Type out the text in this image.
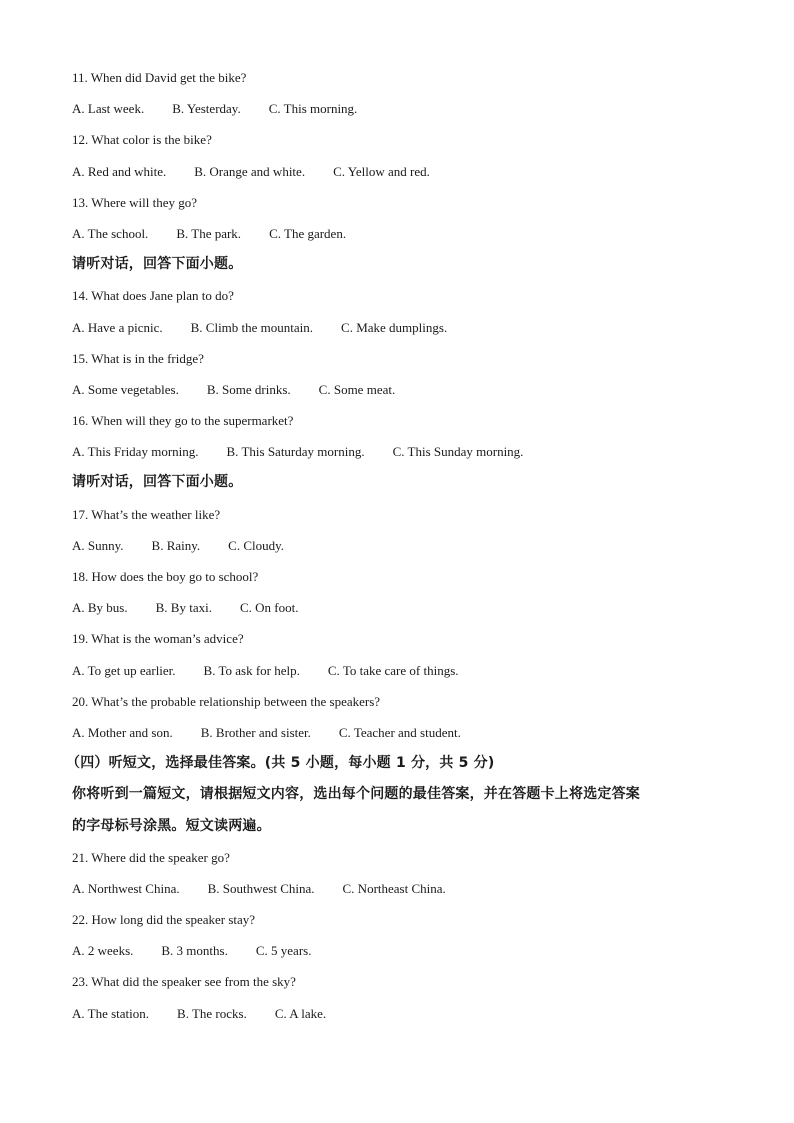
11. When did David get the bike?
A. Last week. B. Yesterday. C. This morning.
12. What color is the bike?
A. Red and white. B. Orange and white. C. Yellow and red.
13. Where will they go?
A. The school. B. The park. C. The garden.
请听对话，回答下面小题。
14. What does Jane plan to do?
A. Have a picnic. B. Climb the mountain. C. Make dumplings.
15. What is in the fridge?
A. Some vegetables. B. Some drinks. C. Some meat.
16. When will they go to the supermarket?
A. This Friday morning. B. This Saturday morning. C. This Sunday morning.
请听对话，回答下面小题。
17. What’s the weather like?
A. Sunny. B. Rainy. C. Cloudy.
18. How does the boy go to school?
A. By bus. B. By taxi. C. On foot.
19. What is the woman’s advice?
A. To get up earlier. B. To ask for help. C. To take care of things.
20. What’s the probable relationship between the speakers?
A. Mother and son. B. Brother and sister. C. Teacher and student.
（四）听短文，选择最佳答案。(共 5 小题，每小题 1 分，共 5 分)
你将听到一篇短文，请根据短文内容，选出每个问题的最佳答案，并在答题卡上将选定答案
的字母标号涂黑。短文读两遍。
21. Where did the speaker go?
A. Northwest China. B. Southwest China. C. Northeast China.
22. How long did the speaker stay?
A. 2 weeks. B. 3 months. C. 5 years.
23. What did the speaker see from the sky?
A. The station. B. The rocks. C. A lake.
